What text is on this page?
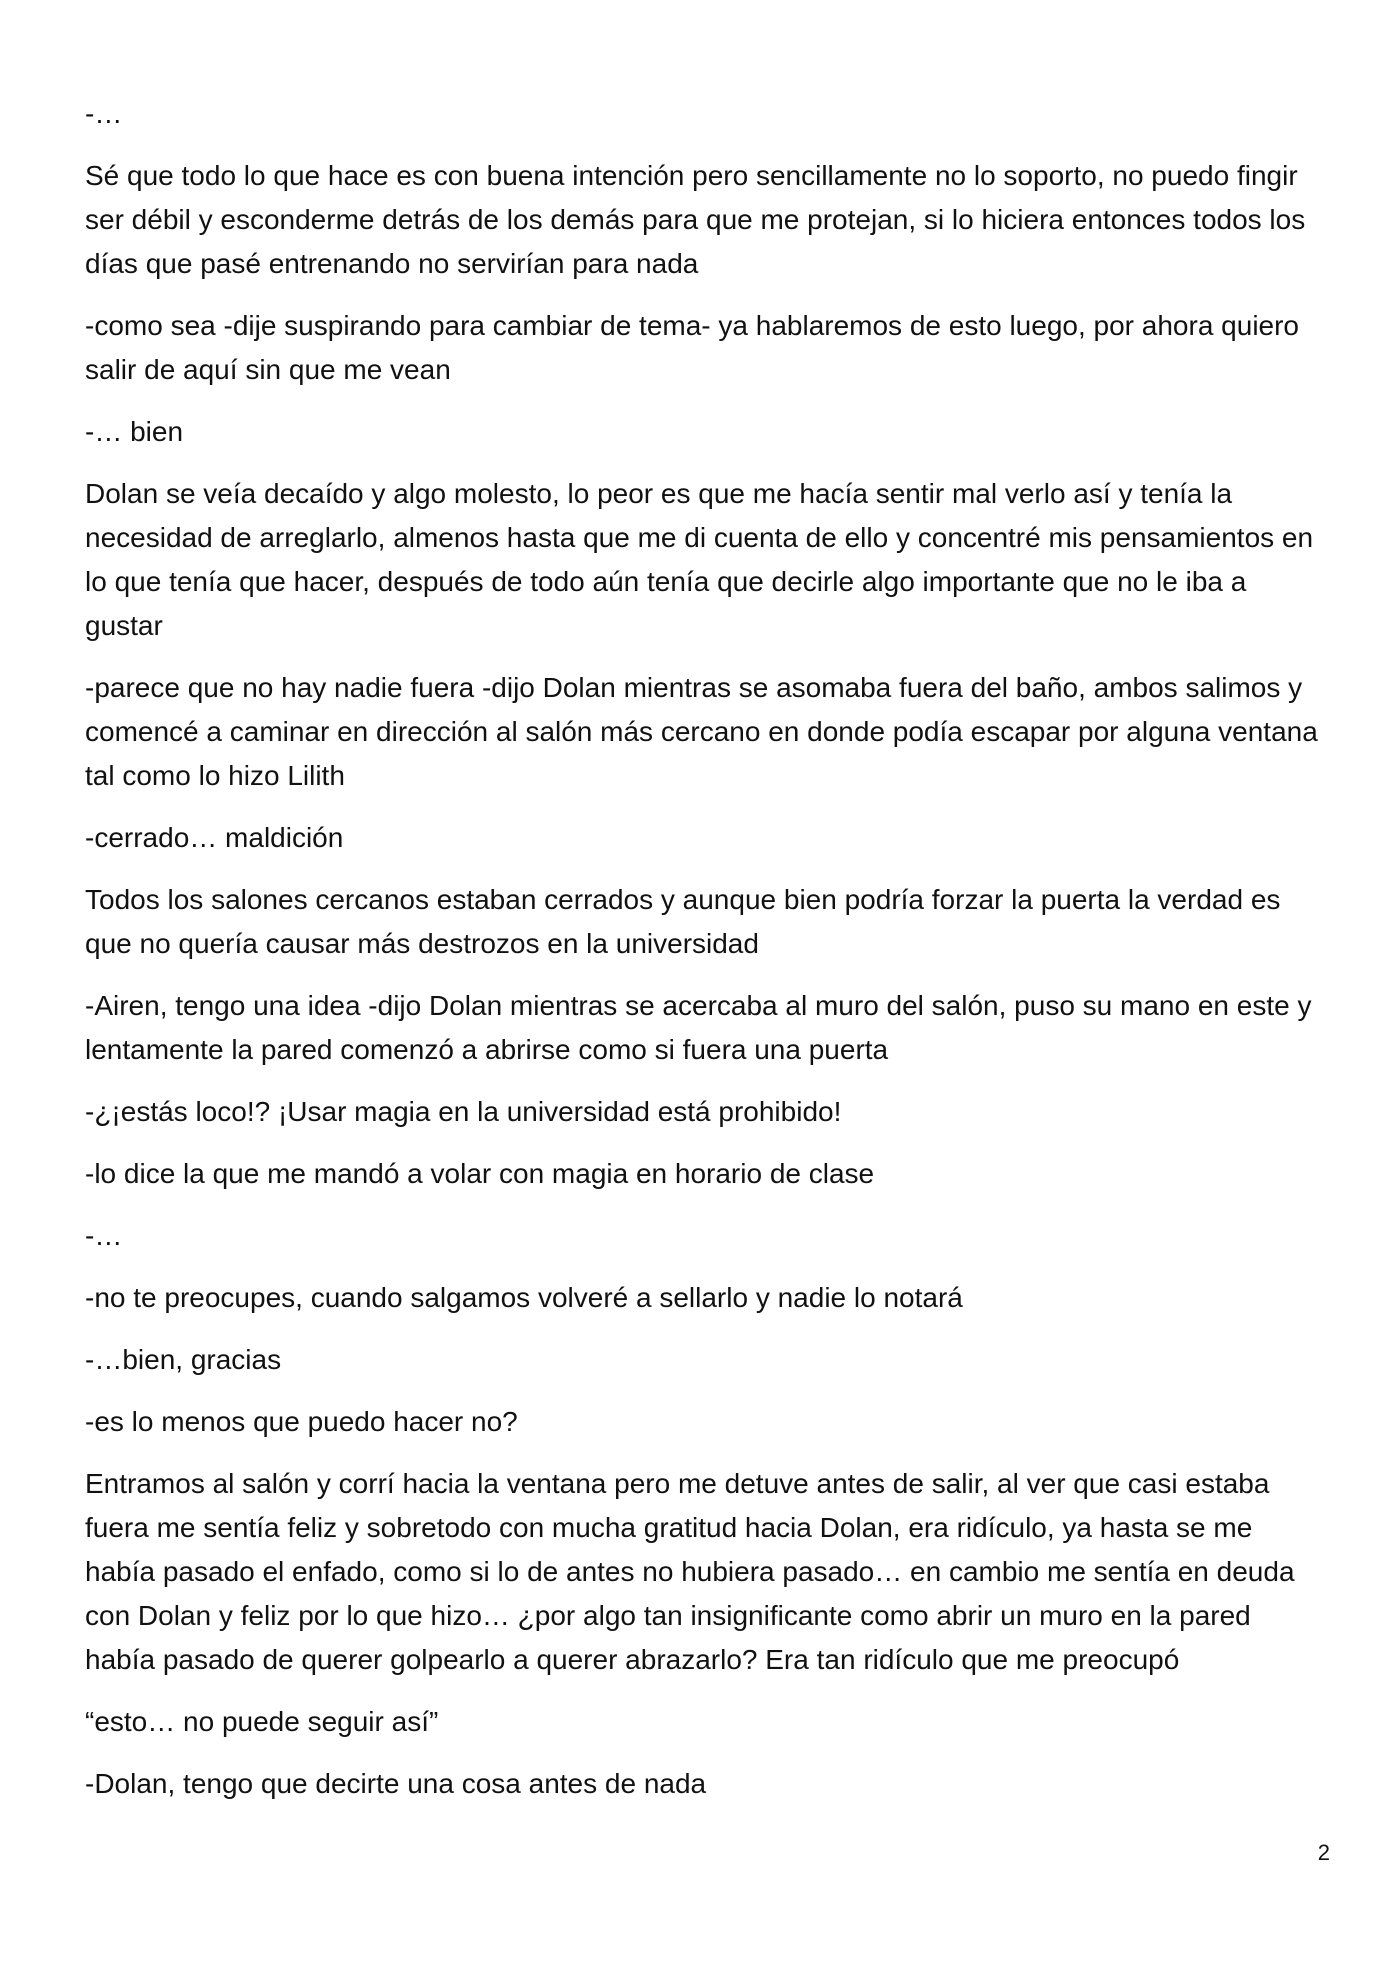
-…

Sé que todo lo que hace es con buena intención pero sencillamente no lo soporto, no puedo fingir ser débil y esconderme detrás de los demás para que me protejan, si lo hiciera entonces todos los días que pasé entrenando no servirían para nada

-como sea -dije suspirando para cambiar de tema- ya hablaremos de esto luego, por ahora quiero salir de aquí sin que me vean

-… bien

Dolan se veía decaído y algo molesto, lo peor es que me hacía sentir mal verlo así y tenía la necesidad de arreglarlo, almenos hasta que me di cuenta de ello y concentré mis pensamientos en lo que tenía que hacer, después de todo aún tenía que decirle algo importante que no le iba a gustar

-parece que no hay nadie fuera -dijo Dolan mientras se asomaba fuera del baño, ambos salimos y comencé a caminar en dirección al salón más cercano en donde podía escapar por alguna ventana tal como lo hizo Lilith

-cerrado… maldición

Todos los salones cercanos estaban cerrados y aunque bien podría forzar la puerta la verdad es que no quería causar más destrozos en la universidad

-Airen, tengo una idea -dijo Dolan mientras se acercaba al muro del salón, puso su mano en este y lentamente la pared comenzó a abrirse como si fuera una puerta

-¿¡estás loco!? ¡Usar magia en la universidad está prohibido!

-lo dice la que me mandó a volar con magia en horario de clase

-…

-no te preocupes, cuando salgamos volveré a sellarlo y nadie lo notará

-…bien, gracias

-es lo menos que puedo hacer no?

Entramos al salón y corrí hacia la ventana pero me detuve antes de salir, al ver que casi estaba fuera me sentía feliz y sobretodo con mucha gratitud hacia Dolan, era ridículo, ya hasta se me había pasado el enfado, como si lo de antes no hubiera pasado… en cambio me sentía en deuda con Dolan y feliz por lo que hizo… ¿por algo tan insignificante como abrir un muro en la pared había pasado de querer golpearlo a querer abrazarlo? Era tan ridículo que me preocupó

“esto… no puede seguir así”

-Dolan, tengo que decirte una cosa antes de nada

2
